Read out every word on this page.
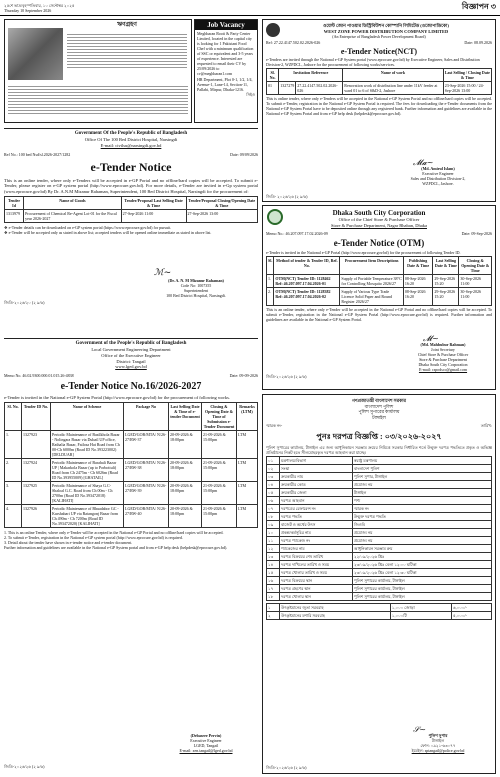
২৫শে ভাদ্র/বৃহস্পতিবার, ১০ সেপ্টেম্বর ২০২৫
Thursday 10 September 2026	বিজ্ঞাপন ৩
ঋণগ্রহণ	Job Vacancy
Meghbaran Rooti & Party Center Limited, located in the capital city is looking for 1 Pakistani Food Chef with a minimum qualification of SSC or equivalent and 3-5 years of experience. Interested are requested to email their CV by 25/09/2026 to cv@meghbaran1.com
HR Department, Plot 0-1, 1/2, 1/4, Avenue-1, Lane-14, Section-11, Pallabi, Mirpur, Dhaka-1216.
সিইও
Government Of the People's Republic of Bangladesh
Office Of The 100 Bed District Hospital, Narsingdi
E-mail: civilsu@narsingdi.gov.bd
Ref No.: 100 bed Nsd/sl.2026-2027/1282	Date: 09/09/2026
e-Tender Notice
This is an online tender, where only e-Tenders will be accepted in e-GP Portal and no offline/hard copies will be accepted. To submit e-Tender, please register on e-GP system portal (http://www.eprocure.gov.bd). For more details, e-Tender are invited in e-Gp system portal (www.eprocure.gov.bd) By Dr. A.N.M Mizanur Rahaman, Superintendent, 100 Bed District Hospital, Narsingdi for the procurement of:
Tender Id	Name of Goods	Tender/Proposal Last Selling Date & Time	Tender/Proposal Closing/Opening Date & Time
1313979	Procurement of Chemical Re-Agent Lot-01 for the Fiscal year 2026-2027	27-Sep-2026 11:00	27-Sep-2026 13:00
❖ e-Tender details can be downloaded on e-GP system portal (https://www.eprocure.gov.bd) for pursuit.
❖ e-Tender will be accepted only as stated in above list; accepted tenders will be opened online immediate as stated in above list.
ℳ~
(Dr. A. N. M Mizanur Rahaman)
Code No: 1007355
Superintendent
100 Bed District Hospital, Narsingdi.
জিডি-২০২৬/২০ (২ ৯/৬)
ওয়েস্ট জোন পাওয়ার ডিস্ট্রিবিউশন কোম্পানি লিমিটেড (ওজোপাডিকো)
WEST ZONE POWER DISTRIBUTION COMPANY LIMITED
(An Enterprise of Bangladesh Power Development Board)
Ref: 27.22.4147.502.02.2026-026	Date: 08.09.2026
e-Tender Notice(NCT)
e-Tenders are invited through the National e-GP System portal (www.eprocure.gov.bd) by Executive Engineer, Sales and Distribution Division-2, WZPDCL, Jashore for the procurement of following works/services.
Sl. No.	Invitation Reference		Name of work	Last Selling / Closing Date & Time
01	1327279	27.22.4147.502.02.2026-026	Renovation work of distribution line under 11kV feeder at ward 01 to 6 of S&D-2, Jashore	23-Sep-2026 15:00 / 24-Sep-2026 13:00
This is online tender, where only e-Tenders will be accepted in the National e-GP System Portal and no offline/hard copies will be accepted. To submit e-Tender, registration in the National e-GP System Portal is required. The fees for downloading the e-Tender documents from the National e-GP System Portal have to be deposited online through any registered bank. Further information and guidelines are available in the National e-GP System Portal and from e-GP help desk (helpdesk@eprocure.gov.bd).
𝓜𝓪~
(Md. Amirul Islam)
Executive Engineer
Sales and Distribution Division-2,
WZPDCL, Jashore.
জিডি- ২০২৬/২৬ (২ ৯/৬)
Dhaka South City Corporation
Office of the Chief Store & Purchase Officer
Store & Purchase Department, Nagar Bhaban, Dhaka
Memo No.: 46.207.097.17.02.2026-09	Date: 09-Sep-2026
e-Tender Notice (OTM)
e-Tender is invited in the National e-GP Portal (http://www.eprocure.gov.bd) for the procurement of following Tender ID.
Sl.	Method of tender & Tender ID, Ref. No.	Procurement Item Descriptions	Publishing Date & Time	Last Selling Date & Time	Closing & Opening Date & Time
1.	OTM(NCT) Tender ID: 1128462 Ref: 46.207.097.17.04.2026-01	Supply of Portable Temperature 38°C for Controlling Mosquito 2026/27	08-Sep-2026 16:20	29-Sep-2026 15:20	30-Sep-2026 11:00
2.	OTM(NCT) Tender ID: 1128382 Ref: 46.207.097.17.04.2026-02	Supply of Various Type Trade Licence Solid Paper and Round Register 2026/27	08-Sep-2026 16:20	29-Sep-2026 15:20	30-Sep-2026 11:00
This is an online tender, where only e-Tender will be accepted in the National e-GP Portal and no offline/hard copies will be accepted. To submit e-Tender, registration in the National e-GP System Portal (http://www.eprocure.gov.bd) is required. Further information and guidelines are available in the National e-GP System Portal.
𝓜~
(Md. Mahbubur Rahman)
Joint Secretary
Chief Store & Purchase Officer
Store & Purchase Department
Dhaka South City Corporation
E-mail: cspodscc@gmail.com
জিডি-২০২৬/২৬ (২ ৯/৬)
Government of the People's Republic of Bangladesh
Local Government Engineering Department
Office of the Executive Engineer
District: Tangail
www.lged.gov.bd
Memo No. 46.02.9300.000.01.015.26-4838	Date: 09-09-2026
e-Tender Notice No.16/2026-2027
e-Tender is invited in the National e-GP System Portal (http://www.eprocure.gov.bd) for the procurement of following works.
Sl. No.	Tender ID No.	Name of Scheme	Package No	Last Selling Date & Time of e-tender Document	Closing & Opening Date & Time of Submission e-Tender Document	Remarks (LTM)
1.	1327923	Periodic Maintenance of Basilkhola Bazar - Nolingara Bazar via Dubail UP office, Rathalia Bazar, Failosa Hat Road from Ch 00-Ch 6000m (Road ID No.393223002) [DELDUAR]	LGED/GOB/MTA/ N/26-27/RW-37	20-09-2026 & 18:00pm	21-09-2026 & 15:00pm	LTM
2.	1327924	Periodic Maintenance of Barahali Bazar UP | Makarkola Bazar (up to Porbottuli) Road from Ch 2475m - Ch 6026m (Road ID No.393955009) [GHATAIL]	LGED/GOB/MTA/ N/26-27/RW-38	20-09-2026 & 18:00pm	21-09-2026 & 15:00pm	LTM
3.	1327925	Periodic Maintenance of Shaya G.C-Shaloal G.C. Road from Ch 00m - Ch 2700m (Road ID No.393472018) [KALIHATI]	LGED/GOB/MTA/ N/26-27/RW-39	20-09-2026 & 18:00pm	21-09-2026 & 15:00pm	LTM
4.	1327926	Periodic Maintenance of Bhuadabor GC -Kurshabari UP via Ratangonj Bazar from Ch 490m - Ch 7200m (Road ID No.393472020) [KALIHATI]	LGED/GOB/MTA/ N/26-27/RW-40	20-09-2026 & 18:00pm	21-09-2026 & 15:00pm	LTM
1. This is an online Tender, where only e-Tender will be accepted in the National e-GP Portal and no offline/hard copies will be accepted.
2. To submit e-Tender, registration in the National e-GP system portal (http://www.eprocure.gov.bd) is required.
3. Detail about the tender have shown in e-tender notice and e-tender document.
Further information and guidelines are available in the National e-GP System portal and from e-GP help desk (helpdesk@eprocure.gov.bd).
(Debasree Pervin)
Executive Engineer
LGED, Tangail
E-mail: xen.tangail@lged.gov.bd
জিডি-২০২৬/২৬ (২ ৯/৬)
গণপ্রজাতন্ত্রী বাংলাদেশ সরকার
বাংলাদেশ পুলিশ
পুলিশ সুপারের কার্যালয়
টাঙ্গাইল
স্মারক নং-	তারিখ:
পুনঃ দরপত্র বিজ্ঞপ্তি : ০৩/২০২৬-২০২৭
পুলিশ সুপারের কার্যালয়, টাঙ্গাইল এর জন্য আধুনিকায়ন সরঞ্জাম ক্রয়ের নিমিত্তে সরকার নির্ধারিত শর্তে উন্মুক্ত দরপত্র পদ্ধতিতে প্রকৃত ও অভিজ্ঞ প্রতিষ্ঠানের নিকট হতে সীলমোহরকৃত দরপত্র আহবান করা যাচ্ছে।
০১	মন্ত্রণালয়/বিভাগ	স্বরাষ্ট্র মন্ত্রণালয়
০২	সংস্থা	বাংলাদেশ পুলিশ
০৩	ক্রয়কারীর নাম	পুলিশ সুপার, টাঙ্গাইল
০৪	ক্রয়কারীর কোড	প্রযোজ্য নয়
০৫	ক্রয়কারীর জেলা	টাঙ্গাইল
০৬	দরপত্র আহবান	পণ্য
০৭	দরপত্রের রেফারেন্স নং	স্মারক নং
০৮	দরপত্র পদ্ধতি	উন্মুক্ত দরপত্র পদ্ধতি
০৯	বাজেট ও অর্থের উৎস	জিওবি
১০	প্রকল্প/কর্মসূচির নাম	প্রযোজ্য নয়
১১	দরপত্র প্যাকেজ নং	প্রযোজ্য নয়
১২	প্যাকেজের নাম	আধুনিকায়ন সরঞ্জাম ক্রয়
১৩	দরপত্র বিক্রয়ের শেষ তারিখ	২২/০৯/২০২৬ খ্রিঃ
১৪	দরপত্র দাখিলের তারিখ ও সময়	২৩/০৯/২০২৬ খ্রিঃ বেলা ১২:০০ ঘটিকা
১৫	দরপত্র খোলার তারিখ ও সময়	২৩/০৯/২০২৬ খ্রিঃ বেলা ১২:৩০ ঘটিকা
১৬	দরপত্র বিক্রয়ের স্থান	পুলিশ সুপারের কার্যালয়, টাঙ্গাইল
১৭	দরপত্র গ্রহণের স্থান	পুলিশ সুপারের কার্যালয়, টাঙ্গাইল
১৮	দরপত্র খোলার স্থান	পুলিশ সুপারের কার্যালয়, টাঙ্গাইল
১	উৎকৃষ্টমানের জুতা সরবরাহ	১,০০০ জোড়া	৬,০০০/-
২	উৎকৃষ্টমানের মশারি সরবরাহ	১,০০০টি	৫,০০০/-
𝒮~
পুলিশ সুপার
টাঙ্গাইল
ফোন: ০৯২১-৬৩০৭৭
ইমেইল: sptangail@police.gov.bd
জিডি-২০২৬/২৬ (২ ৯/৬)
